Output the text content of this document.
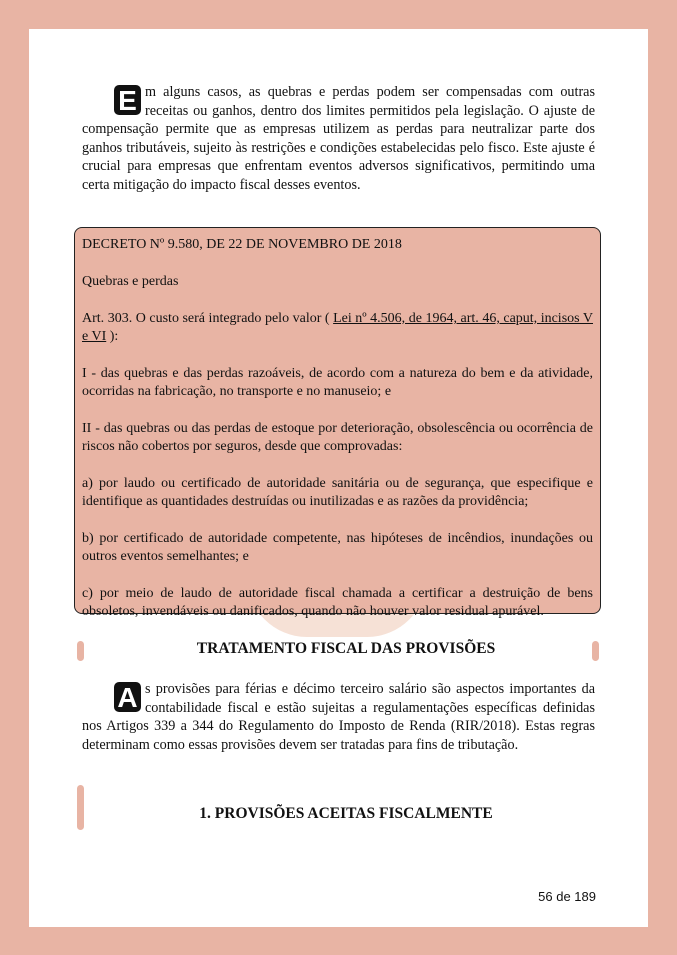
E m alguns casos, as quebras e perdas podem ser compensadas com outras receitas ou ganhos, dentro dos limites permitidos pela legislação. O ajuste de compensação permite que as empresas utilizem as perdas para neutralizar parte dos ganhos tributáveis, sujeito às restrições e condições estabelecidas pelo fisco. Este ajuste é crucial para empresas que enfrentam eventos adversos significativos, permitindo uma certa mitigação do impacto fiscal desses eventos.

DECRETO Nº 9.580, DE 22 DE NOVEMBRO DE 2018

Quebras e perdas

Art. 303. O custo será integrado pelo valor ( Lei nº 4.506, de 1964, art. 46, caput, incisos V e VI ):

I - das quebras e das perdas razoáveis, de acordo com a natureza do bem e da atividade, ocorridas na fabricação, no transporte e no manuseio; e

II - das quebras ou das perdas de estoque por deterioração, obsolescência ou ocorrência de riscos não cobertos por seguros, desde que comprovadas:

a) por laudo ou certificado de autoridade sanitária ou de segurança, que especifique e identifique as quantidades destruídas ou inutilizadas e as razões da providência;

b) por certificado de autoridade competente, nas hipóteses de incêndios, inundações ou outros eventos semelhantes; e

c) por meio de laudo de autoridade fiscal chamada a certificar a destruição de bens obsoletos, invendáveis ou danificados, quando não houver valor residual apurável.

TRATAMENTO FISCAL DAS PROVISÕES
A s provisões para férias e décimo terceiro salário são aspectos importantes da contabilidade fiscal e estão sujeitas a regulamentações específicas definidas nos Artigos 339 a 344 do Regulamento do Imposto de Renda (RIR/2018). Estas regras determinam como essas provisões devem ser tratadas para fins de tributação.
1. PROVISÕES ACEITAS FISCALMENTE
56 de 189
